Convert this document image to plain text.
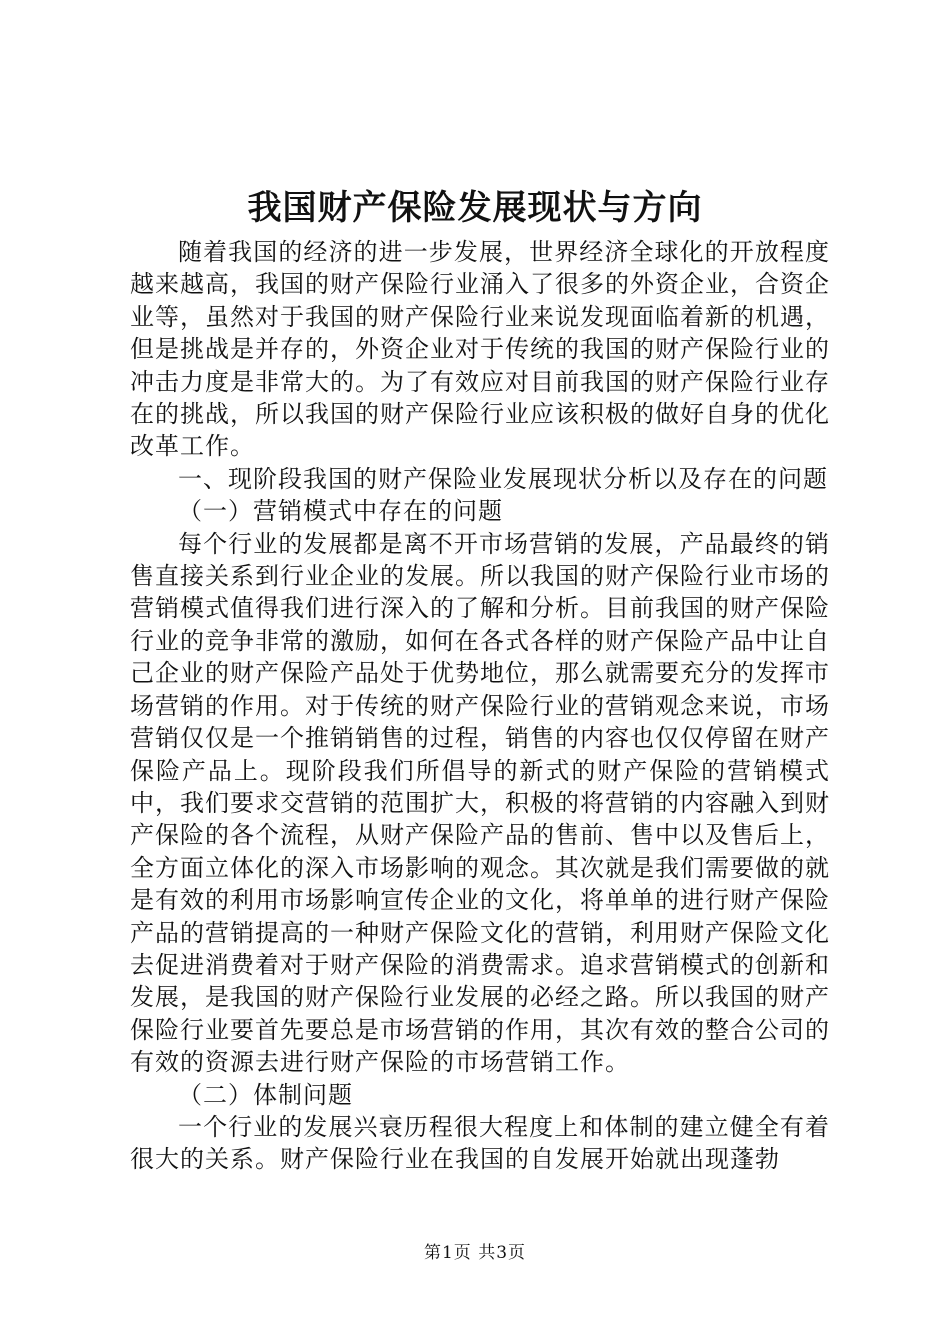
我国财产保险发展现状与方向

随着我国的经济的进一步发展，世界经济全球化的开放程度越来越高，我国的财产保险行业涌入了很多的外资企业，合资企业等，虽然对于我国的财产保险行业来说发现面临着新的机遇，但是挑战是并存的，外资企业对于传统的我国的财产保险行业的冲击力度是非常大的。为了有效应对目前我国的财产保险行业存在的挑战，所以我国的财产保险行业应该积极的做好自身的优化改革工作。

一、现阶段我国的财产保险业发展现状分析以及存在的问题

（一）营销模式中存在的问题

每个行业的发展都是离不开市场营销的发展，产品最终的销售直接关系到行业企业的发展。所以我国的财产保险行业市场的营销模式值得我们进行深入的了解和分析。目前我国的财产保险行业的竞争非常的激励，如何在各式各样的财产保险产品中让自己企业的财产保险产品处于优势地位，那么就需要充分的发挥市场营销的作用。对于传统的财产保险行业的营销观念来说，市场营销仅仅是一个推销销售的过程，销售的内容也仅仅停留在财产保险产品上。现阶段我们所倡导的新式的财产保险的营销模式中，我们要求交营销的范围扩大，积极的将营销的内容融入到财产保险的各个流程，从财产保险产品的售前、售中以及售后上，全方面立体化的深入市场影响的观念。其次就是我们需要做的就是有效的利用市场影响宣传企业的文化，将单单的进行财产保险产品的营销提高的一种财产保险文化的营销，利用财产保险文化去促进消费着对于财产保险的消费需求。追求营销模式的创新和发展，是我国的财产保险行业发展的必经之路。所以我国的财产保险行业要首先要总是市场营销的作用，其次有效的整合公司的有效的资源去进行财产保险的市场营销工作。

（二）体制问题

一个行业的发展兴衰历程很大程度上和体制的建立健全有着很大的关系。财产保险行业在我国的自发展开始就出现蓬勃

第1页 共3页
